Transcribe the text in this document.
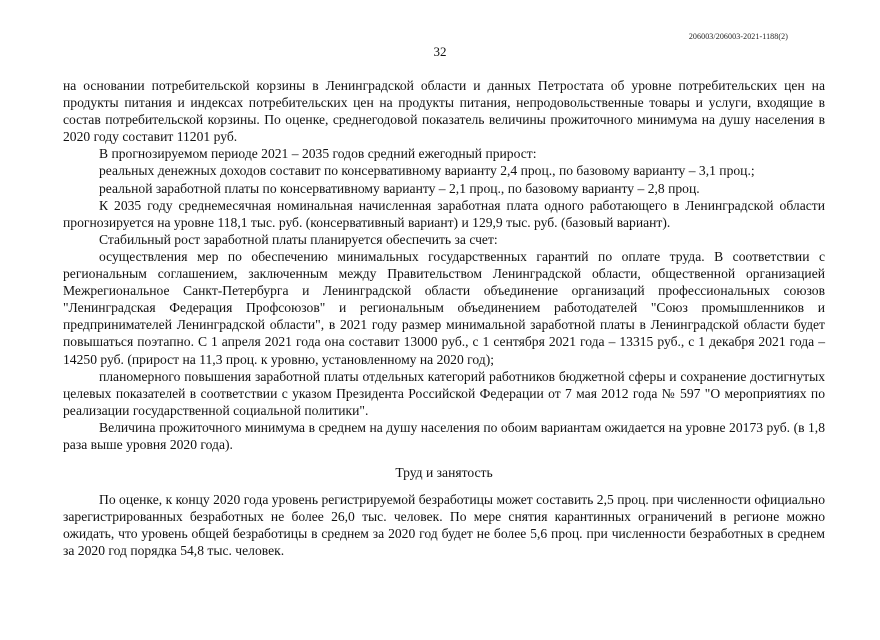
206003/206003-2021-1188(2)
32

на основании потребительской корзины в Ленинградской области и данных Петростата об уровне потребительских цен на продукты питания и индексах потребительских цен на продукты питания, непродовольственные товары и услуги, входящие в состав потребительской корзины. По оценке, среднегодовой показатель величины прожиточного минимума на душу населения в 2020 году составит 11201 руб.

В прогнозируемом периоде 2021 – 2035 годов средний ежегодный прирост:

реальных денежных доходов составит по консервативному варианту 2,4 проц., по базовому варианту – 3,1 проц.;

реальной заработной платы по консервативному варианту – 2,1 проц., по базовому варианту – 2,8 проц.

К 2035 году среднемесячная номинальная начисленная заработная плата одного работающего в Ленинградской области прогнозируется на уровне 118,1 тыс. руб. (консервативный вариант) и 129,9 тыс. руб. (базовый вариант).

Стабильный рост заработной платы планируется обеспечить за счет:

осуществления мер по обеспечению минимальных государственных гарантий по оплате труда. В соответствии с региональным соглашением, заключенным между Правительством Ленинградской области, общественной организацией Межрегиональное Санкт-Петербурга и Ленинградской области объединение организаций профессиональных союзов "Ленинградская Федерация Профсоюзов" и региональным объединением работодателей "Союз промышленников и предпринимателей Ленинградской области", в 2021 году размер минимальной заработной платы в Ленинградской области будет повышаться поэтапно. С 1 апреля 2021 года она составит 13000 руб., с 1 сентября 2021 года – 13315 руб., с 1 декабря 2021 года – 14250 руб. (прирост на 11,3 проц. к уровню, установленному на 2020 год);

планомерного повышения заработной платы отдельных категорий работников бюджетной сферы и сохранение достигнутых целевых показателей в соответствии с указом Президента Российской Федерации от 7 мая 2012 года № 597 "О мероприятиях по реализации государственной социальной политики".

Величина прожиточного минимума в среднем на душу населения по обоим вариантам ожидается на уровне 20173 руб. (в 1,8 раза выше уровня 2020 года).

Труд и занятость

По оценке, к концу 2020 года уровень регистрируемой безработицы может составить 2,5 проц. при численности официально зарегистрированных безработных не более 26,0 тыс. человек. По мере снятия карантинных ограничений в регионе можно ожидать, что уровень общей безработицы в среднем за 2020 год будет не более 5,6 проц. при численности безработных в среднем за 2020 год порядка 54,8 тыс. человек.
